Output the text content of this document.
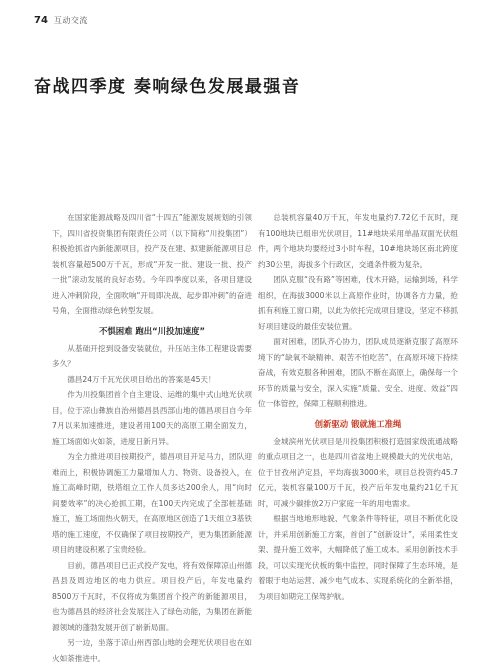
74 互动交流
奋战四季度 奏响绿色发展最强音

在国家能源战略及四川省“十四五”能源发展规划的引领下，四川省投资集团有限责任公司（以下简称“川投集团”）积极抢抓省内新能源项目，投产及在建、拟建新能源项目总装机容量超500万千瓦，形成“开发一批、建设一批、投产一批”滚动发展的良好态势。今年四季度以来，各项目建设进入冲刺阶段，全面吹响“开局即决战、起步即冲刺”的奋进号角，全面推动绿色转型发展。

不惧困难 跑出“川投加速度”

从基础开挖到设备安装就位，升压站主体工程建设需要多久？

德昌24万千瓦光伏项目给出的答案是45天！

作为川投集团首个自主建设、运维的集中式山地光伏项目，位于凉山彝族自治州德昌县西部山地的德昌项目自今年7月以来加速推进，建设者用100天的高原工期全面发力，施工场面如火如荼，进度日新月异。

为全力推进项目按期投产，德昌项目开足马力，团队迎难而上，积极协调施工力量增加人力、物资、设备投入，在施工高峰时期，铁塔组立工作人员多达200余人，用“向时间要效率”的决心抢抓工期，在100天内完成了全部桩基础施工，施工场面热火朝天，在高原地区创造了1天组立3基铁塔的施工速度，不仅确保了项目按期投产，更为集团新能源项目的建设积累了宝贵经验。

目前，德昌项目已正式投产发电，将有效保障凉山州德昌县及周边地区的电力供应。项目投产后，年发电量约8500万千瓦时，不仅将成为集团首个投产的新能源项目，也为德昌县的经济社会发展注入了绿色动能，为集团在新能源领域的蓬勃发展开创了崭新局面。

另一边，坐落于凉山州西部山地的会理光伏项目也在如火如荼推进中。

总装机容量40万千瓦，年发电量约7.72亿千瓦时，现有100地块已组串光伏项目，11#地块采用单晶双面光伏组件，两个地块均要经过3小时车程，10#地块场区南北跨度约30公里，海拔多个行政区，交通条件极为复杂。

团队克服“没有路”等困难，伐木开路，运输到场，科学组织，在海拔3000米以上高原作业时，协调各方力量，抢抓有利施工窗口期，以此为依托完成项目建设，坚定不移抓好项目建设的最佳安装位置。

面对困难，团队齐心协力，团队成员逐渐克服了高原环境下的“缺氧不缺精神、艰苦不怕吃苦”，在高原环境下持续奋战，有效克服各种困难，团队不断在高原上，确保每一个环节的质量与安全，深入实施“质量、安全、进度、效益”四位一体管控，保障工程顺利推进。

创新驱动 锻就施工准绳

金城滨州光伏项目是川投集团积极打造国家级流通战略的重点项目之一，也是四川省盆地上规模最大的光伏电站，位于甘孜州泸定县，平均海拔3000米，项目总投资约45.7亿元，装机容量100万千瓦，投产后年发电量约21亿千瓦时，可减少碳排放2万户家庭一年的用电需求。

根据当地地形地貌、气象条件等特征，项目不断优化设计，并采用创新施工方案，首创了“创新设计”，采用柔性支架、提升施工效率，大幅降低了施工成本。采用创新技术手段，可以实现光伏板的集中监控，同时保障了生态环境，是着眼于电站运营、减少电气成本、实现系统化的全新举措，为项目如期完工保驾护航。
